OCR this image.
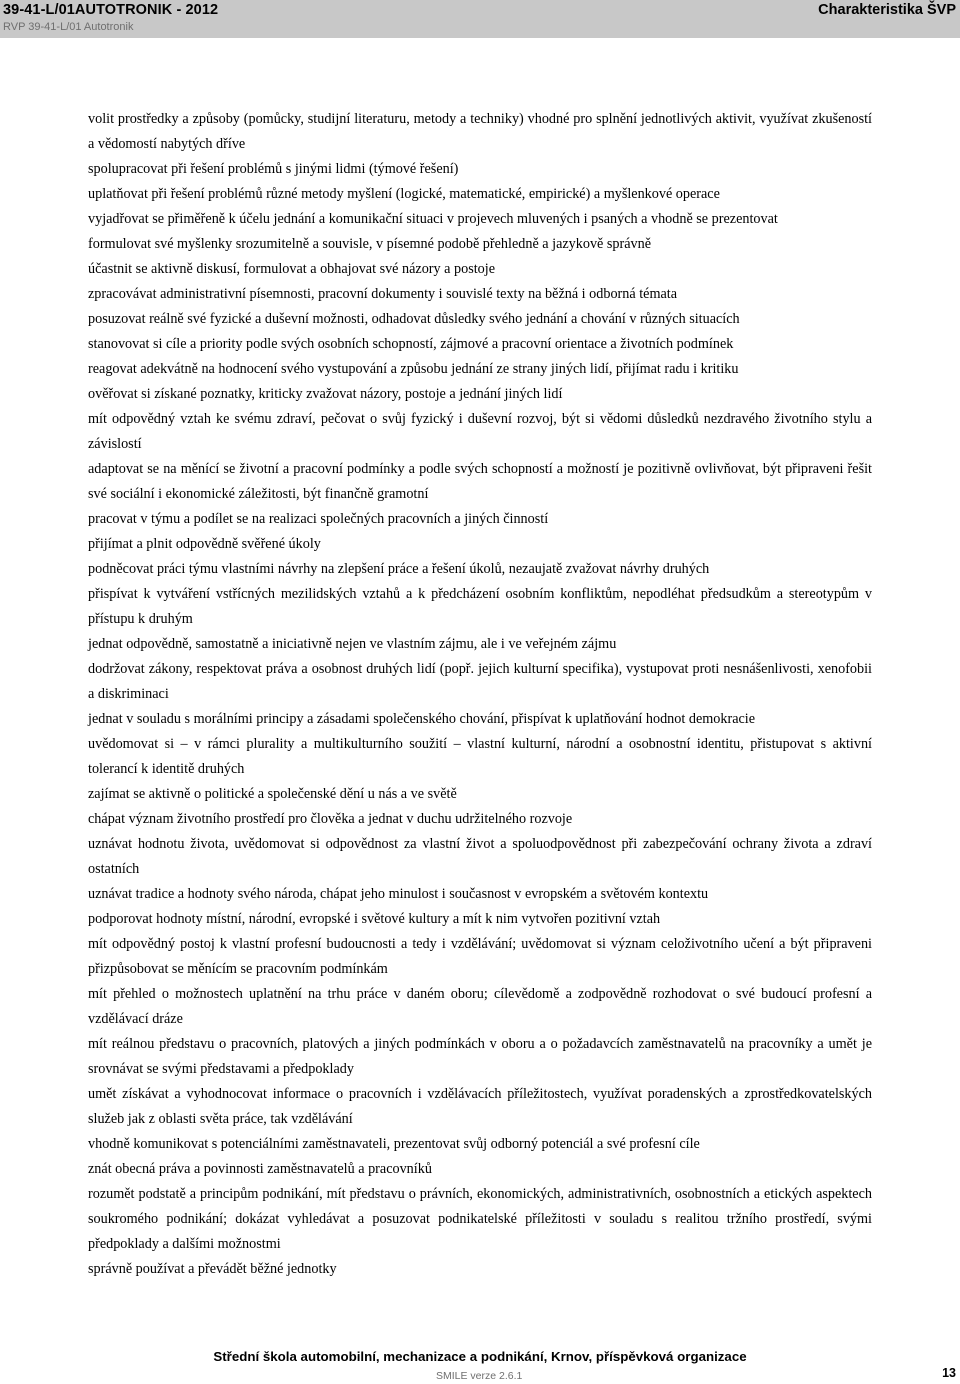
39-41-L/01AUTOTRONIK - 2012
RVP 39-41-L/01 Autotronik
Charakteristika ŠVP

volit prostředky a způsoby (pomůcky, studijní literaturu, metody a techniky) vhodné pro splnění jednotlivých aktivit, využívat zkušeností a vědomostí nabytých dříve

spolupracovat při řešení problémů s jinými lidmi (týmové řešení)

uplatňovat při řešení problémů různé metody myšlení (logické, matematické, empirické) a myšlenkové operace

vyjadřovat se přiměřeně k účelu jednání a komunikační situaci v projevech mluvených i psaných a vhodně se prezentovat

formulovat své myšlenky srozumitelně a souvisle, v písemné podobě přehledně a jazykově správně

účastnit se aktivně diskusí, formulovat a obhajovat své názory a postoje

zpracovávat administrativní písemnosti, pracovní dokumenty i souvislé texty na běžná i odborná témata

posuzovat reálně své fyzické a duševní možnosti, odhadovat důsledky svého jednání a chování v různých situacích

stanovovat si cíle a priority podle svých osobních schopností, zájmové a pracovní orientace a životních podmínek

reagovat adekvátně na hodnocení svého vystupování a způsobu jednání ze strany jiných lidí, přijímat radu i kritiku

ověřovat si získané poznatky, kriticky zvažovat názory, postoje a jednání jiných lidí

mít odpovědný vztah ke svému zdraví, pečovat o svůj fyzický i duševní rozvoj, být si vědomi důsledků nezdravého životního stylu a závislostí

adaptovat se na měnící se životní a pracovní podmínky a podle svých schopností a možností je pozitivně ovlivňovat, být připraveni řešit své sociální i ekonomické záležitosti, být finančně gramotní

pracovat v týmu a podílet se na realizaci společných pracovních a jiných činností

přijímat a plnit odpovědně svěřené úkoly

podněcovat práci týmu vlastními návrhy na zlepšení práce a řešení úkolů, nezaujatě zvažovat návrhy druhých

přispívat k vytváření vstřícných mezilidských vztahů a k předcházení osobním konfliktům, nepodléhat předsudkům a stereotypům v přístupu k druhým

jednat odpovědně, samostatně a iniciativně nejen ve vlastním zájmu, ale i ve veřejném zájmu

dodržovat zákony, respektovat práva a osobnost druhých lidí (popř. jejich kulturní specifika), vystupovat proti nesnášenlivosti, xenofobii a diskriminaci

jednat v souladu s morálními principy a zásadami společenského chování, přispívat k uplatňování hodnot demokracie

uvědomovat si – v rámci plurality a multikulturního soužití – vlastní kulturní, národní a osobnostní identitu, přistupovat s aktivní tolerancí k identitě druhých

zajímat se aktivně o politické a společenské dění u nás a ve světě

chápat význam životního prostředí pro člověka a jednat v duchu udržitelného rozvoje

uznávat hodnotu života, uvědomovat si odpovědnost za vlastní život a spoluodpovědnost při zabezpečování ochrany života a zdraví ostatních

uznávat tradice a hodnoty svého národa, chápat jeho minulost i současnost v evropském a světovém kontextu

podporovat hodnoty místní, národní, evropské i světové kultury a mít k nim vytvořen pozitivní vztah

mít odpovědný postoj k vlastní profesní budoucnosti a tedy i vzdělávání; uvědomovat si význam celoživotního učení a být připraveni přizpůsobovat se měnícím se pracovním podmínkám

mít přehled o možnostech uplatnění na trhu práce v daném oboru; cílevědomě a zodpovědně rozhodovat o své budoucí profesní a vzdělávací dráze

mít reálnou představu o pracovních, platových a jiných podmínkách v oboru a o požadavcích zaměstnavatelů na pracovníky a umět je srovnávat se svými představami a předpoklady

umět získávat a vyhodnocovat informace o pracovních i vzdělávacích příležitostech, využívat poradenských a zprostředkovatelských služeb jak z oblasti světa práce, tak vzdělávání

vhodně komunikovat s potenciálními zaměstnavateli, prezentovat svůj odborný potenciál a své profesní cíle

znát obecná práva a povinnosti zaměstnavatelů a pracovníků

rozumět podstatě a principům podnikání, mít představu o právních, ekonomických, administrativních, osobnostních a etických aspektech soukromého podnikání; dokázat vyhledávat a posuzovat podnikatelské příležitosti v souladu s realitou tržního prostředí, svými předpoklady a dalšími možnostmi

správně používat a převádět běžné jednotky

Střední škola automobilní, mechanizace a podnikání, Krnov, příspěvková organizace
SMILE verze 2.6.1	13
